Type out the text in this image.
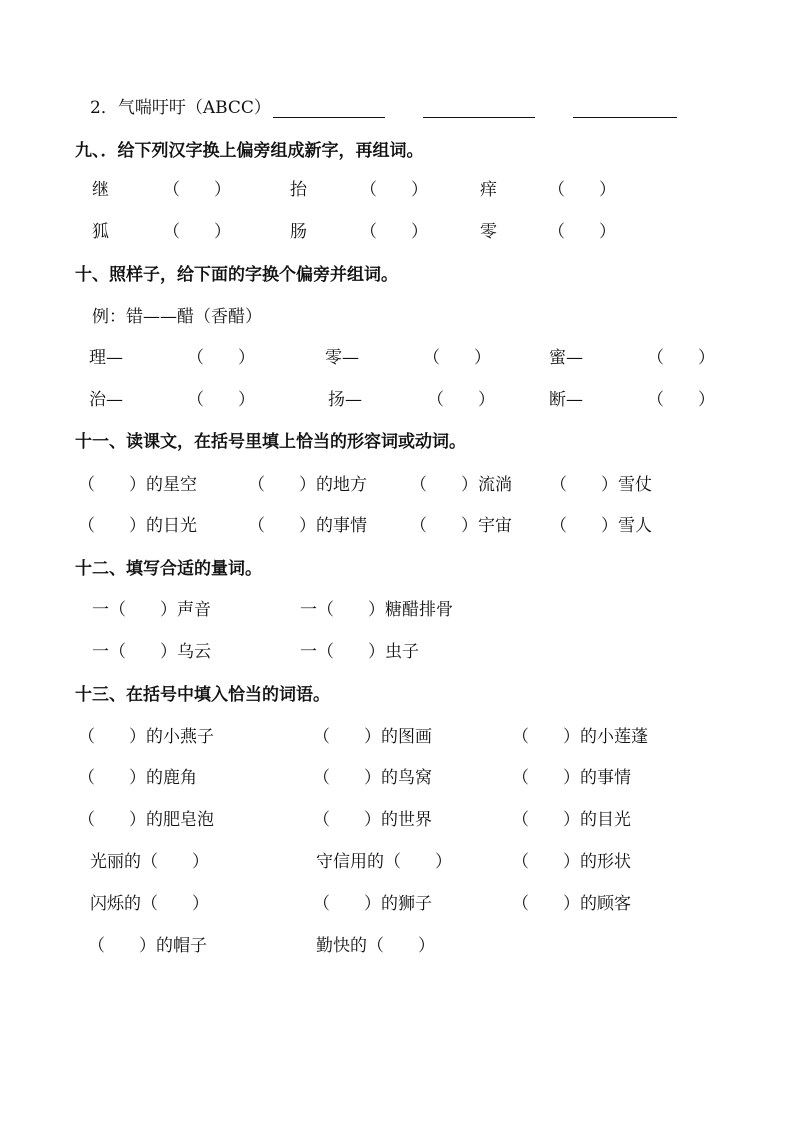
2．气喘吁吁（ABCC）
九、．给下列汉字换上偏旁组成新字，再组词。
继	（　　）	抬	（　　）	痒	（　　）
狐	（　　）	肠	（　　）	零	（　　）
十、照样子，给下面的字换个偏旁并组词。
例：错——醋（香醋）
理—	（　　）	零—	（　　）	蜜—	（　　）
治—	（　　）	扬—	（　　）	断—	（　　）
十一、读课文，在括号里填上恰当的形容词或动词。
（　　）的星空	（　　）的地方	（　　）流淌 （　　）雪仗
（　　）的日光	（　　）的事情	（　　）宇宙 （　　）雪人
十二、填写合适的量词。
一（　　）声音	一（　　）糖醋排骨
一（　　）乌云	一（　　）虫子
十三、在括号中填入恰当的词语。
（　　）的小燕子	（　　）的图画	（　　）的小莲蓬
（　　）的鹿角	（　　）的鸟窝	（　　）的事情
（　　）的肥皂泡	（　　）的世界	（　　）的目光
光丽的（　　）	守信用的（　　）	（　　）的形状
闪烁的（　　）	（　　）的狮子	（　　）的顾客
（　　）的帽子	勤快的（　　）
